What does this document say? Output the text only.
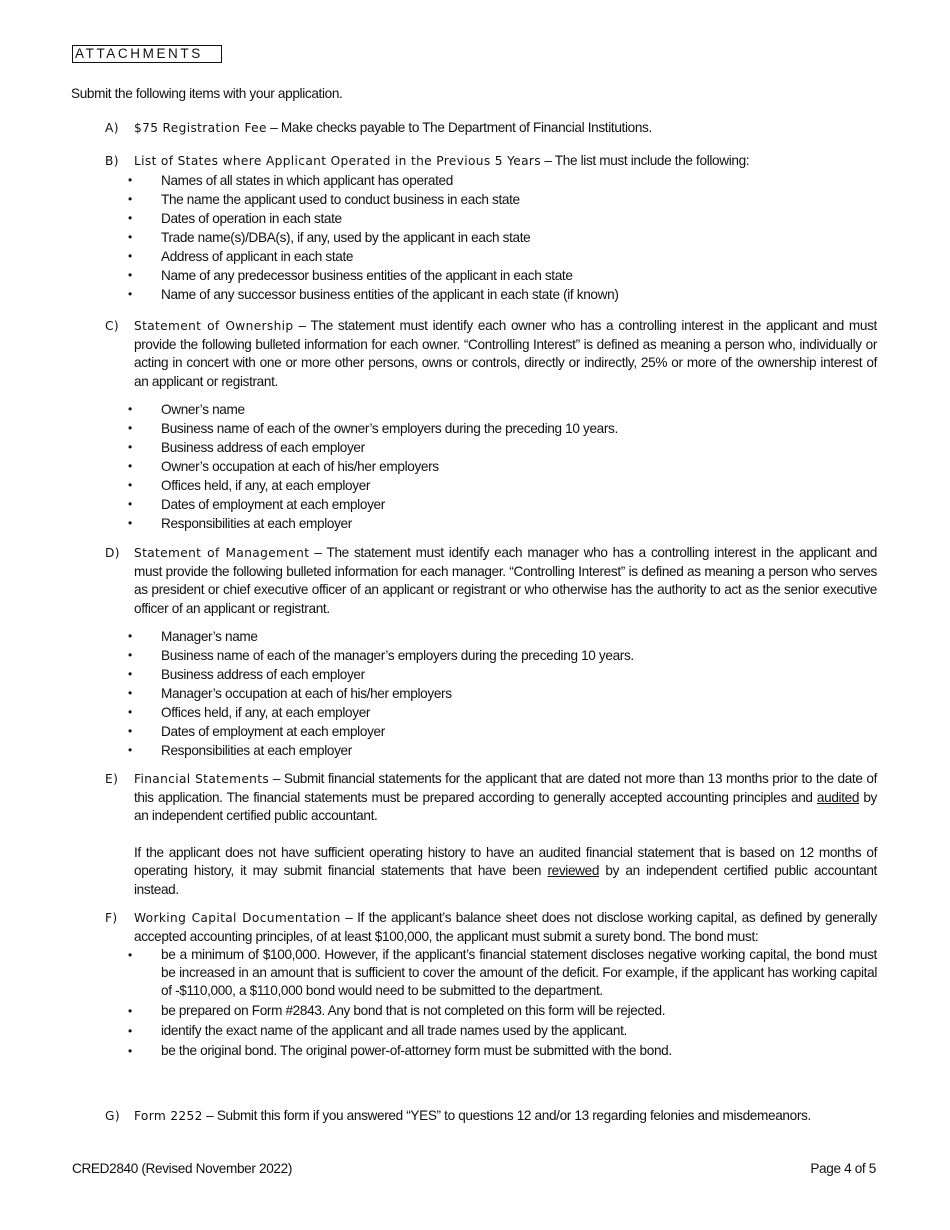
ATTACHMENTS
Submit the following items with your application.
A)	$75 Registration Fee – Make checks payable to The Department of Financial Institutions.
B)	List of States where Applicant Operated in the Previous 5 Years – The list must include the following:
• Names of all states in which applicant has operated
• The name the applicant used to conduct business in each state
• Dates of operation in each state
• Trade name(s)/DBA(s), if any, used by the applicant in each state
• Address of applicant in each state
• Name of any predecessor business entities of the applicant in each state
• Name of any successor business entities of the applicant in each state (if known)
C)	Statement of Ownership – The statement must identify each owner who has a controlling interest in the applicant and must provide the following bulleted information for each owner. “Controlling Interest” is defined as meaning a person who, individually or acting in concert with one or more other persons, owns or controls, directly or indirectly, 25% or more of the ownership interest of an applicant or registrant.
• Owner’s name
• Business name of each of the owner’s employers during the preceding 10 years.
• Business address of each employer
• Owner’s occupation at each of his/her employers
• Offices held, if any, at each employer
• Dates of employment at each employer
• Responsibilities at each employer
D)	Statement of Management – The statement must identify each manager who has a controlling interest in the applicant and must provide the following bulleted information for each manager. “Controlling Interest” is defined as meaning a person who serves as president or chief executive officer of an applicant or registrant or who otherwise has the authority to act as the senior executive officer of an applicant or registrant.
• Manager’s name
• Business name of each of the manager’s employers during the preceding 10 years.
• Business address of each employer
• Manager’s occupation at each of his/her employers
• Offices held, if any, at each employer
• Dates of employment at each employer
• Responsibilities at each employer
E)	Financial Statements – Submit financial statements for the applicant that are dated not more than 13 months prior to the date of this application. The financial statements must be prepared according to generally accepted accounting principles and audited by an independent certified public accountant.
If the applicant does not have sufficient operating history to have an audited financial statement that is based on 12 months of operating history, it may submit financial statements that have been reviewed by an independent certified public accountant instead.
F)	Working Capital Documentation – If the applicant’s balance sheet does not disclose working capital, as defined by generally accepted accounting principles, of at least $100,000, the applicant must submit a surety bond. The bond must:
• be a minimum of $100,000. However, if the applicant’s financial statement discloses negative working capital, the bond must be increased in an amount that is sufficient to cover the amount of the deficit. For example, if the applicant has working capital of -$110,000, a $110,000 bond would need to be submitted to the department.
• be prepared on Form #2843. Any bond that is not completed on this form will be rejected.
• identify the exact name of the applicant and all trade names used by the applicant.
• be the original bond. The original power-of-attorney form must be submitted with the bond.
G)	Form 2252 – Submit this form if you answered “YES” to questions 12 and/or 13 regarding felonies and misdemeanors.
CRED2840 (Revised November 2022)	Page 4 of 5
